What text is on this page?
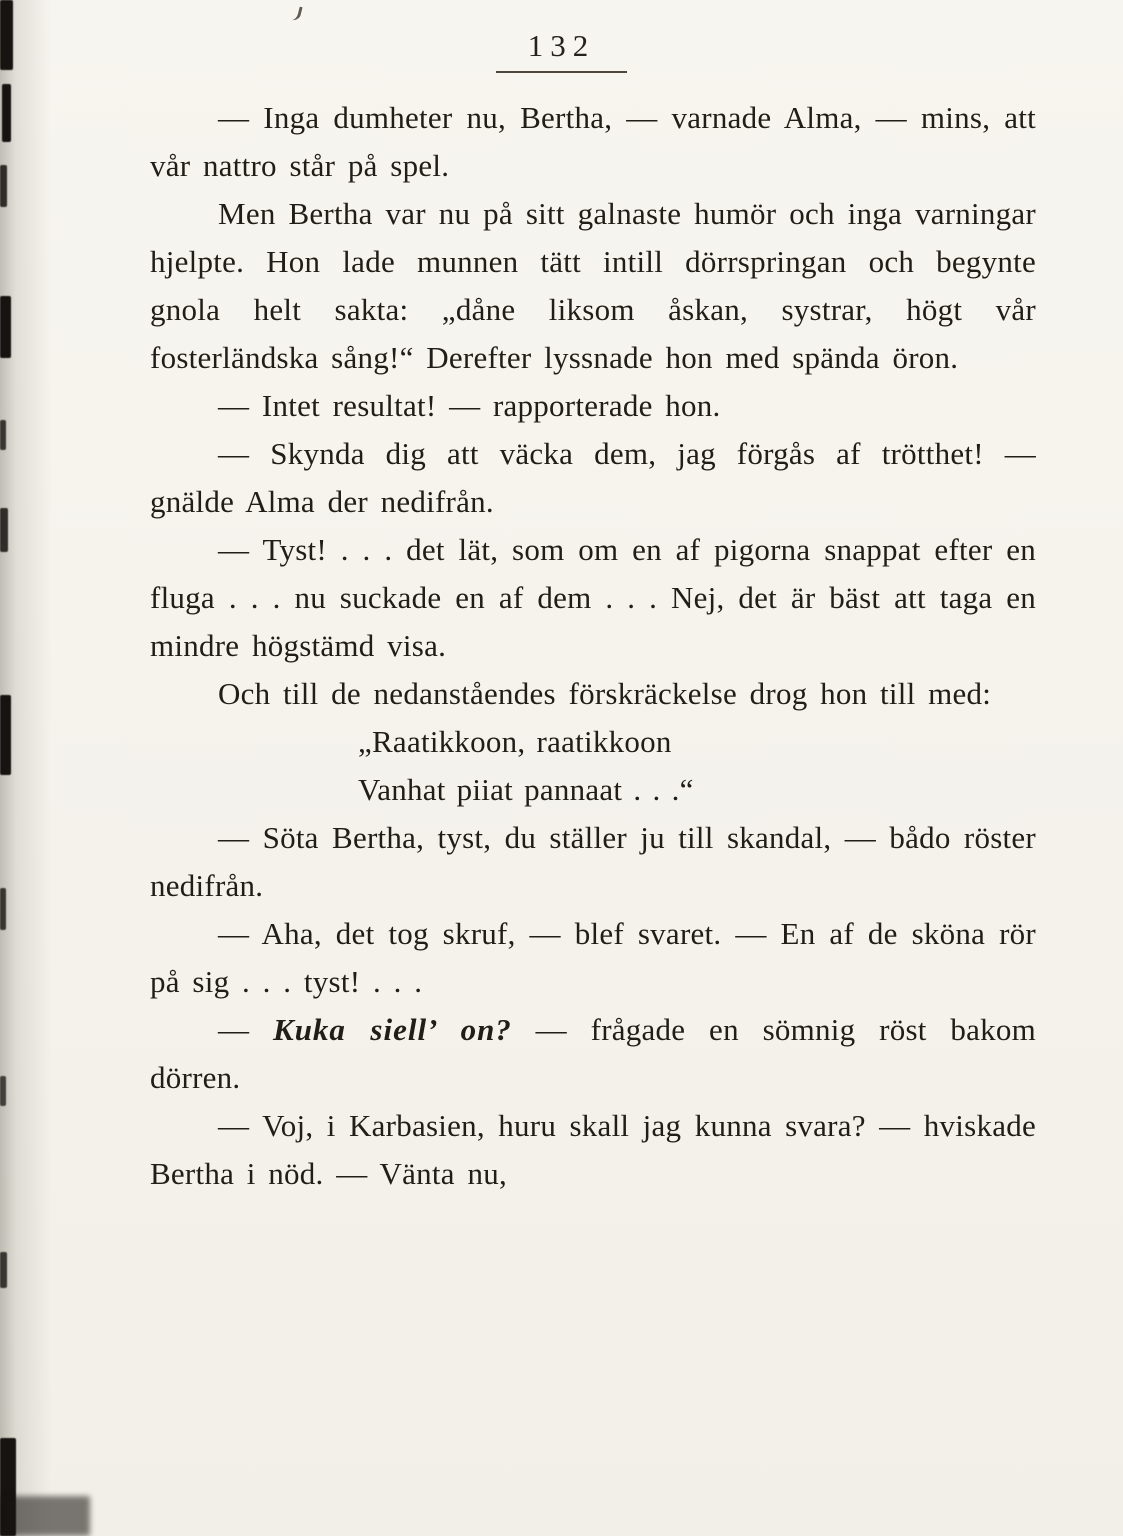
132

— Inga dumheter nu, Bertha, — varnade Alma, — mins, att vår nattro står på spel.

Men Bertha var nu på sitt galnaste humör och inga varningar hjelpte. Hon lade munnen tätt intill dörrspringan och begynte gnola helt sakta: „dåne liksom åskan, systrar, högt vår fosterländska sång!“ Derefter lyssnade hon med spända öron.

— Intet resultat! — rapporterade hon.

— Skynda dig att väcka dem, jag förgås af trötthet! — gnälde Alma der nedifrån.

— Tyst! . . . det lät, som om en af pigorna snappat efter en fluga . . . nu suckade en af dem . . . Nej, det är bäst att taga en mindre högstämd visa.

Och till de nedanståendes förskräckelse drog hon till med:

„Raatikkoon, raatikkoon

Vanhat piiat pannaat . . .“

— Söta Bertha, tyst, du ställer ju till skandal, — bådo röster nedifrån.

— Aha, det tog skruf, — blef svaret. — En af de sköna rör på sig . . . tyst! . . .

— Kuka siell’ on? — frågade en sömnig röst bakom dörren.

— Voj, i Karbasien, huru skall jag kunna svara? — hviskade Bertha i nöd. — Vänta nu,
